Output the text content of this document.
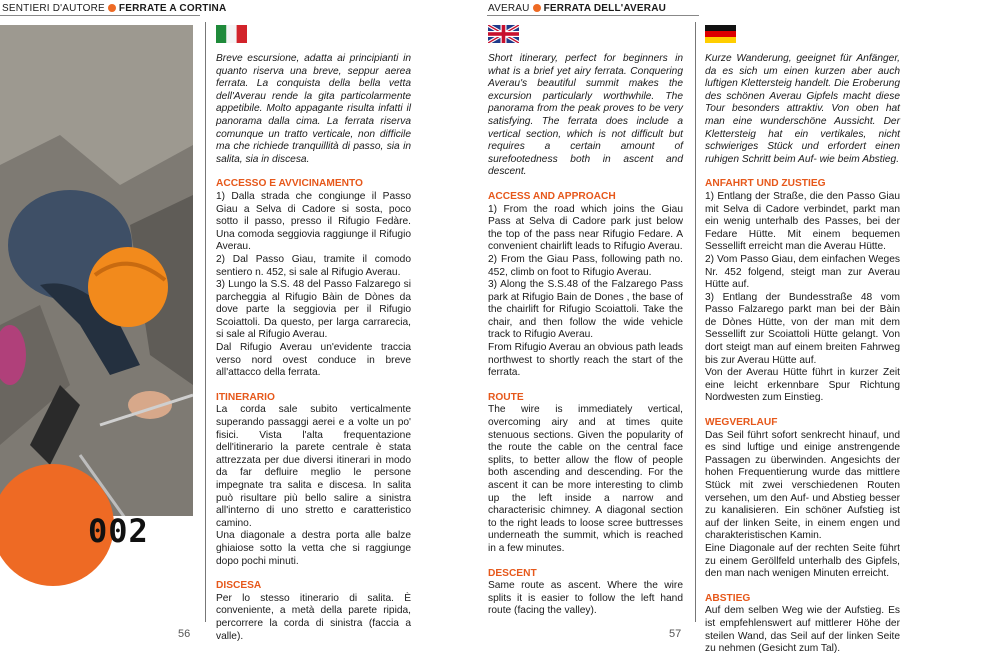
SENTIERI D'AUTORE FERRATE A CORTINA	AVERAU FERRATA DELL'AVERAU
002

Breve escursione, adatta ai principianti in quanto riserva una breve, seppur aerea ferrata. La conquista della bella vetta dell'Averau rende la gita particolarmente appetibile. Molto appagante risulta infatti il panorama dalla cima. La ferrata riserva comunque un tratto verticale, non difficile ma che richiede tranquillità di passo, sia in salita, sia in discesa.

ACCESSO E AVVICINAMENTO

1) Dalla strada che congiunge il Passo Giau a Selva di Cadore si sosta, poco sotto il passo, presso il Rifugio Fedàre. Una comoda seggiovia raggiunge il Rifugio Averau.

2) Dal Passo Giau, tramite il comodo sentiero n. 452, si sale al Rifugio Averau.

3) Lungo la S.S. 48 del Passo Falzarego si parcheggia al Rifugio Bàin de Dònes da dove parte la seggiovia per il Rifugio Scoiattoli. Da questo, per larga carrarecia, si sale al Rifugio Averau.

Dal Rifugio Averau un'evidente traccia verso nord ovest conduce in breve all'attacco della ferrata.

ITINERARIO

La corda sale subito verticalmente superando passaggi aerei e a volte un po' fisici. Vista l'alta frequentazione dell'itinerario la parete centrale è stata attrezzata per due diversi itinerari in modo da far defluire meglio le persone impegnate tra salita e discesa. In salita può risultare più bello salire a sinistra all'interno di uno stretto e caratteristico camino.

Una diagonale a destra porta alle balze ghiaiose sotto la vetta che si raggiunge dopo pochi minuti.

DISCESA

Per lo stesso itinerario di salita. È conveniente, a metà della parete ripida, percorrere la corda di sinistra (faccia a valle).

Short itinerary, perfect for beginners in what is a brief yet airy ferrata. Conquering Averau's beautiful summit makes the excursion particularly worthwhile. The panorama from the peak proves to be very satisfying. The ferrata does include a vertical section, which is not difficult but requires a certain amount of surefootedness both in ascent and descent.

ACCESS AND APPROACH

1) From the road which joins the Giau Pass at Selva di Cadore park just below the top of the pass near Rifugio Fedare. A convenient chairlift leads to Rifugio Averau.

2) From the Giau Pass, following path no. 452, climb on foot to Rifugio Averau.

3) Along the S.S.48 of the Falzarego Pass park at Rifugio Bain de Dones , the base of the chairlift for Rifugio Scoiattoli. Take the chair, and then follow the wide vehicle track to Rifugio Averau.

From Rifugio Averau an obvious path leads northwest to shortly reach the start of the ferrata.

ROUTE

The wire is immediately vertical, overcoming airy and at times quite stenuous sections. Given the popularity of the route the cable on the central face splits, to better allow the flow of people both ascending and descending. For the ascent it can be more interesting to climb up the left inside a narrow and characterisic chimney. A diagonal section to the right leads to loose scree buttresses underneath the summit, which is reached in a few minutes.

DESCENT

Same route as ascent. Where the wire splits it is easier to follow the left hand route (facing the valley).

Kurze Wanderung, geeignet für Anfänger, da es sich um einen kurzen aber auch luftigen Klettersteig handelt. Die Eroberung des schönen Averau Gipfels macht diese Tour besonders attraktiv. Von oben hat man eine wunderschöne Aussicht. Der Klettersteig hat ein vertikales, nicht schwieriges Stück und erfordert einen ruhigen Schritt beim Auf- wie beim Abstieg.

ANFAHRT UND ZUSTIEG

1) Entlang der Straße, die den Passo Giau mit Selva di Cadore verbindet, parkt man ein wenig unterhalb des Passes, bei der Fedare Hütte. Mit einem bequemen Sessellift erreicht man die Averau Hütte.

2) Vom Passo Giau, dem einfachen Weges Nr. 452 folgend, steigt man zur Averau Hütte auf.

3) Entlang der Bundesstraße 48 vom Passo Falzarego parkt man bei der Bàin de Dònes Hütte, von der man mit dem Sessellift zur Scoiattoli Hütte gelangt. Von dort steigt man auf einem breiten Fahrweg bis zur Averau Hütte auf.

Von der Averau Hütte führt in kurzer Zeit eine leicht erkennbare Spur Richtung Nordwesten zum Einstieg.

WEGVERLAUF

Das Seil führt sofort senkrecht hinauf, und es sind luftige und einige anstrengende Passagen zu überwinden. Angesichts der hohen Frequentierung wurde das mittlere Stück mit zwei verschiedenen Routen versehen, um den Auf- und Abstieg besser zu kanalisieren. Ein schöner Aufstieg ist auf der linken Seite, in einem engen und charakteristischen Kamin.

Eine Diagonale auf der rechten Seite führt zu einem Geröllfeld unterhalb des Gipfels, den man nach wenigen Minuten erreicht.

ABSTIEG

Auf dem selben Weg wie der Aufstieg. Es ist empfehlenswert auf mittlerer Höhe der steilen Wand, das Seil auf der linken Seite zu nehmen (Gesicht zum Tal).

56	57
